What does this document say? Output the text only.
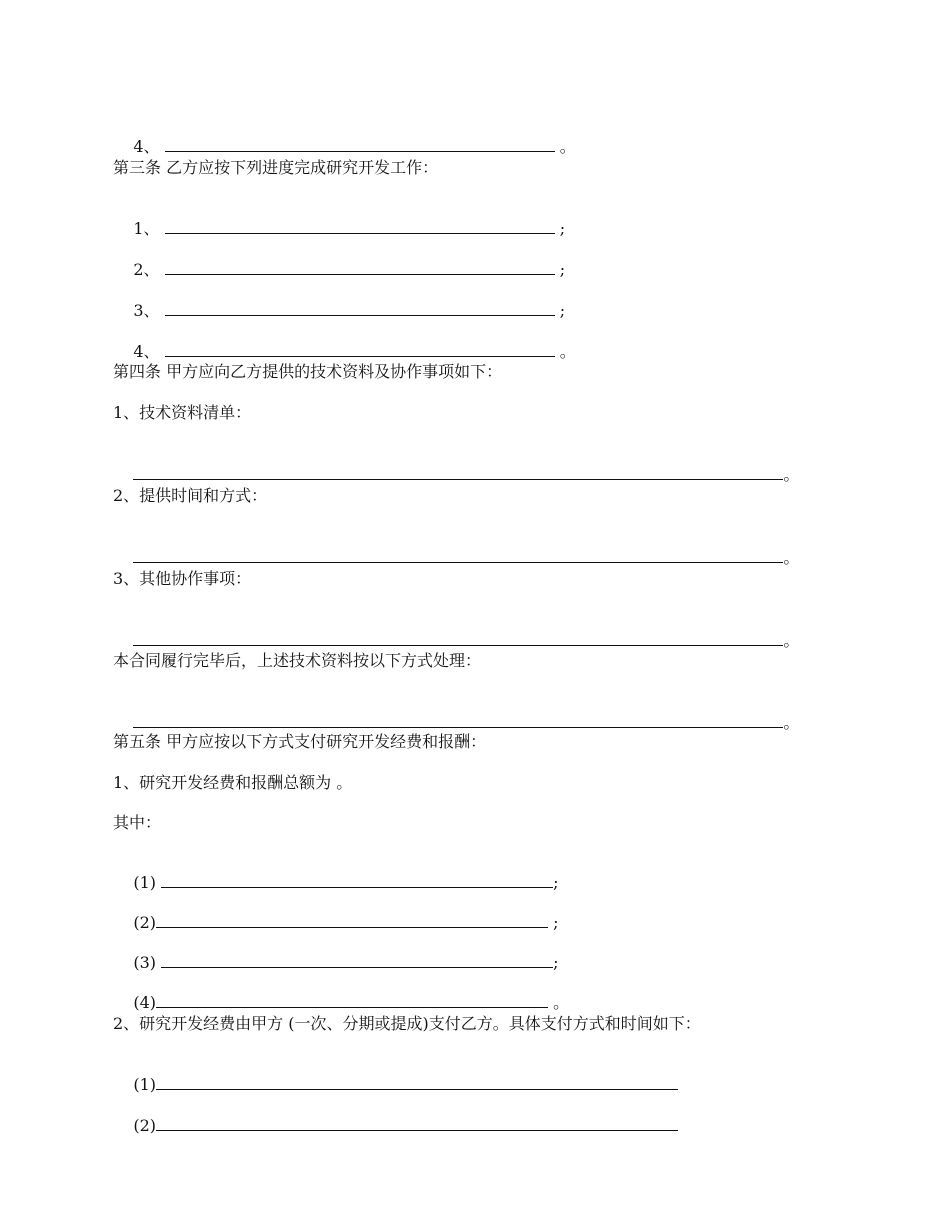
4、	。

第三条 乙方应按下列进度完成研究开发工作：

1、	;

2、	;

3、	;

4、	。

第四条 甲方应向乙方提供的技术资料及协作事项如下：
1、技术资料清单：

。

2、提供时间和方式：

。

3、其他协作事项：

。

本合同履行完毕后，上述技术资料按以下方式处理：

。

第五条 甲方应按以下方式支付研究开发经费和报酬：
1、研究开发经费和报酬总额为 。
其中：

(1)	;

(2)	;

(3)	;

(4)	。

2、研究开发经费由甲方 (一次、分期或提成)支付乙方。具体支付方式和时间如下：

(1)

(2)
